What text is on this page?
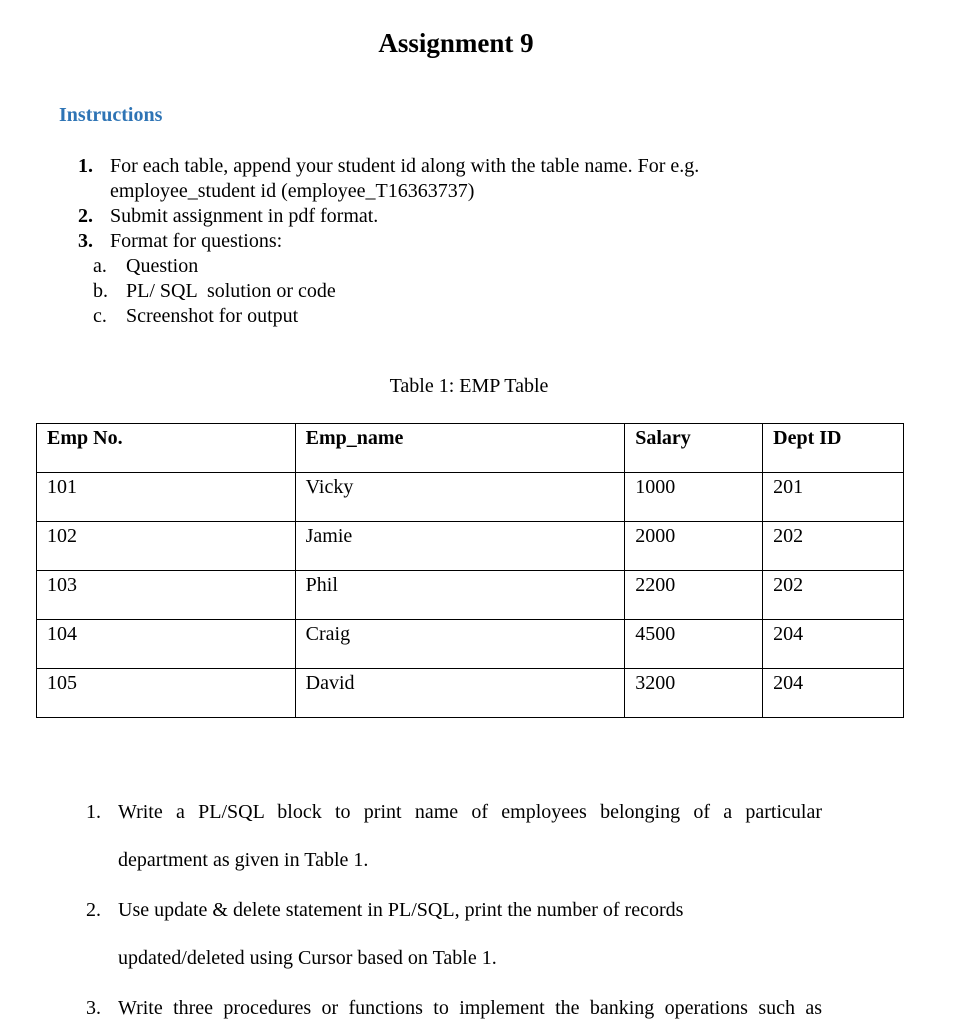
Assignment 9
Instructions
1. For each table, append your student id along with the table name. For e.g.
employee_student id (employee_T16363737)
2. Submit assignment in pdf format.
3. Format for questions:
a. Question
b. PL/ SQL  solution or code
c. Screenshot for output
Table 1: EMP Table
Emp No.	Emp_name	Salary	Dept ID
101	Vicky	1000	201
102	Jamie	2000	202
103	Phil	2200	202
104	Craig	4500	204
105	David	3200	204
1. Write a PL/SQL block to print name of employees belonging of a particular
department as given in Table 1.
2. Use update & delete statement in PL/SQL, print the number of records
updated/deleted using Cursor based on Table 1.
3. Write three procedures or functions to implement the banking operations such as
